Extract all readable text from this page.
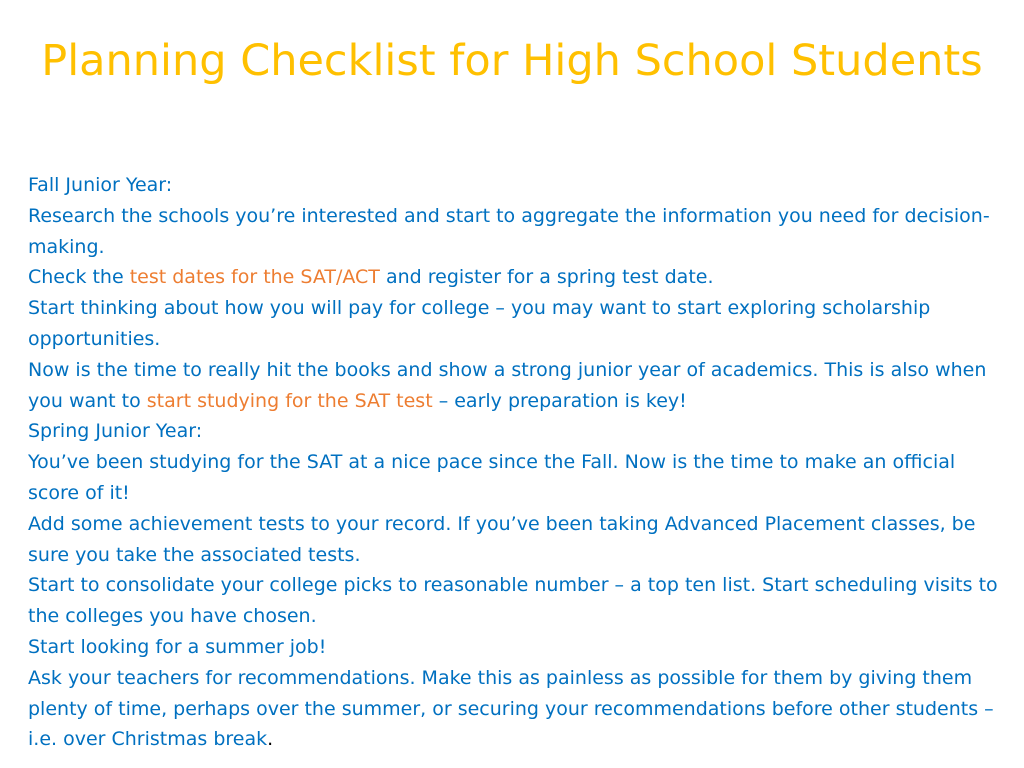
Planning Checklist for High School Students
Fall Junior Year:
Research the schools you’re interested and start to aggregate the information you need for decision-making.
Check the test dates for the SAT/ACT and register for a spring test date.
Start thinking about how you will pay for college – you may want to start exploring scholarship opportunities.
Now is the time to really hit the books and show a strong junior year of academics. This is also when you want to start studying for the SAT test – early preparation is key!
Spring Junior Year:
You’ve been studying for the SAT at a nice pace since the Fall. Now is the time to make an official score of it!
Add some achievement tests to your record. If you’ve been taking Advanced Placement classes, be sure you take the associated tests.
Start to consolidate your college picks to reasonable number – a top ten list. Start scheduling visits to the colleges you have chosen.
Start looking for a summer job!
Ask your teachers for recommendations. Make this as painless as possible for them by giving them plenty of time, perhaps over the summer, or securing your recommendations before other students – i.e. over Christmas break.
